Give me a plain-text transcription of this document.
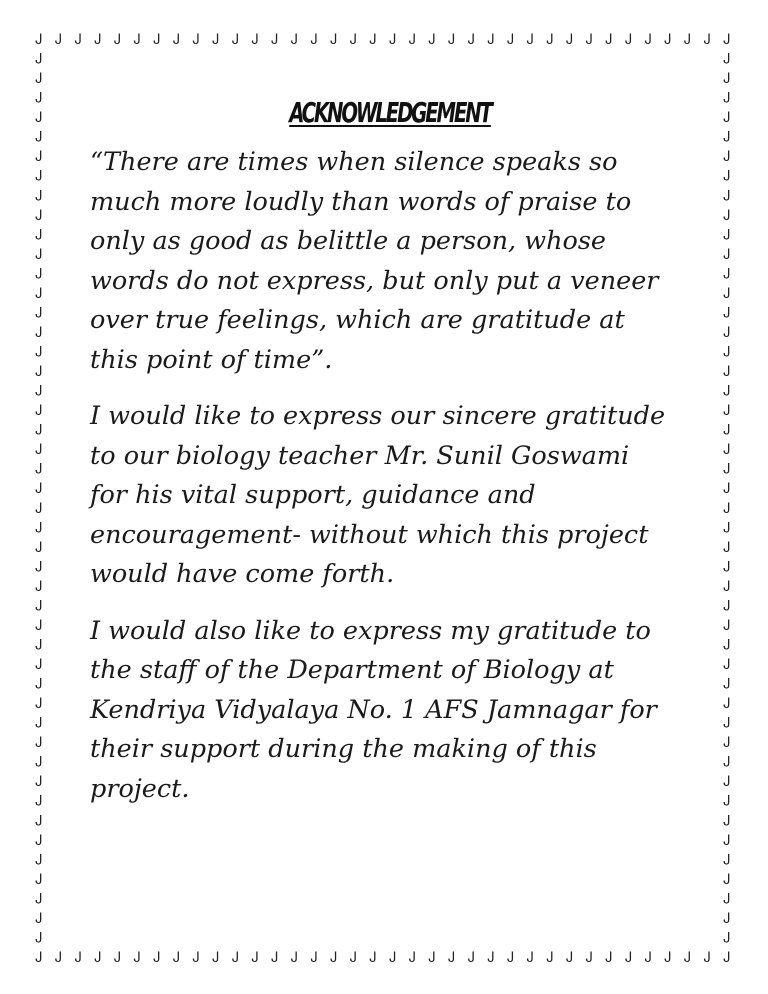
Ꭻ
Ꭻ
Ꭻ
Ꭻ
Ꭻ
Ꭻ
Ꭻ
Ꭻ
Ꭻ
Ꭻ
Ꭻ
Ꭻ
Ꭻ
Ꭻ
Ꭻ
Ꭻ
Ꭻ
Ꭻ
Ꭻ
Ꭻ
Ꭻ
Ꭻ
Ꭻ
Ꭻ
Ꭻ
Ꭻ
Ꭻ
Ꭻ
Ꭻ
Ꭻ
Ꭻ
Ꭻ
Ꭻ
Ꭻ
Ꭻ
Ꭻ
Ꭻ
Ꭻ
Ꭻ
Ꭻ
Ꭻ
Ꭻ
Ꭻ
Ꭻ
Ꭻ
Ꭻ
Ꭻ
Ꭻ
Ꭻ
Ꭻ
Ꭻ
Ꭻ
Ꭻ
Ꭻ
Ꭻ
Ꭻ
Ꭻ
Ꭻ
Ꭻ
Ꭻ
Ꭻ
Ꭻ
Ꭻ
Ꭻ
Ꭻ
Ꭻ
Ꭻ
Ꭻ
Ꭻ
Ꭻ
Ꭻ
Ꭻ
Ꭻ	Ꭻ
Ꭻ	Ꭻ
Ꭻ	Ꭻ
Ꭻ	Ꭻ
Ꭻ	Ꭻ
Ꭻ	Ꭻ
Ꭻ	Ꭻ
Ꭻ	Ꭻ
Ꭻ	Ꭻ
Ꭻ	Ꭻ
Ꭻ	Ꭻ
Ꭻ	Ꭻ
Ꭻ	Ꭻ
Ꭻ	Ꭻ
Ꭻ	Ꭻ
Ꭻ	Ꭻ
Ꭻ	Ꭻ
Ꭻ	Ꭻ
Ꭻ	Ꭻ
Ꭻ	Ꭻ
Ꭻ	Ꭻ
Ꭻ	Ꭻ
Ꭻ	Ꭻ
Ꭻ	Ꭻ
Ꭻ	Ꭻ
Ꭻ	Ꭻ
Ꭻ	Ꭻ
Ꭻ	Ꭻ
Ꭻ	Ꭻ
Ꭻ	Ꭻ
Ꭻ	Ꭻ
Ꭻ	Ꭻ
Ꭻ	Ꭻ
Ꭻ	Ꭻ
Ꭻ	Ꭻ
Ꭻ	Ꭻ
Ꭻ	Ꭻ
Ꭻ	Ꭻ
Ꭻ	Ꭻ
Ꭻ	Ꭻ
Ꭻ	Ꭻ
Ꭻ	Ꭻ
Ꭻ	Ꭻ
Ꭻ	Ꭻ
Ꭻ	Ꭻ
Ꭻ	Ꭻ
ACKNOWLEDGEMENT

“There are times when silence speaks so
much more loudly than words of praise to
only as good as belittle a person, whose
words do not express, but only put a veneer
over true feelings, which are gratitude at
this point of time”.

I would like to express our sincere gratitude
to our biology teacher Mr. Sunil Goswami
for his vital support, guidance and
encouragement- without which this project
would have come forth.

I would also like to express my gratitude to
the staff of the Department of Biology at
Kendriya Vidyalaya No. 1 AFS Jamnagar for
their support during the making of this
project.
